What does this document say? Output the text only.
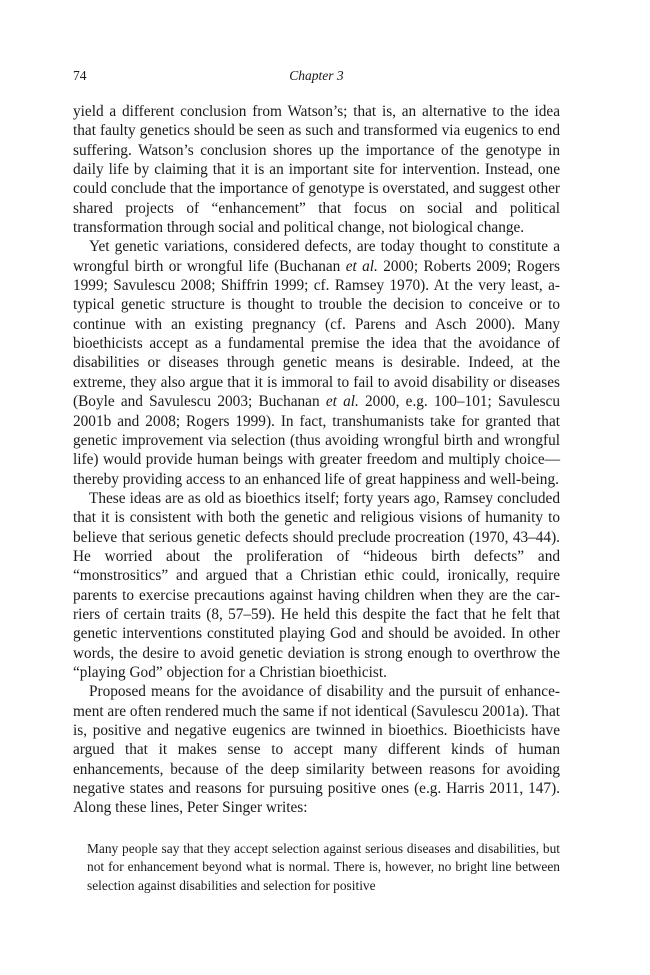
74	Chapter 3

yield a different conclusion from Watson’s; that is, an alternative to the idea that faulty genetics should be seen as such and transformed via eugenics to end suffering. Watson’s conclusion shores up the importance of the genotype in daily life by claiming that it is an important site for intervention. Instead, one could conclude that the importance of genotype is overstated, and suggest other shared projects of “enhancement” that focus on social and political transformation through social and political change, not biological change.

Yet genetic variations, considered defects, are today thought to constitute a wrongful birth or wrongful life (Buchanan et al. 2000; Roberts 2009; Rogers 1999; Savulescu 2008; Shiffrin 1999; cf. Ramsey 1970). At the very least, a-typical genetic structure is thought to trouble the decision to conceive or to continue with an existing pregnancy (cf. Parens and Asch 2000). Many bioethicists accept as a fundamental premise the idea that the avoidance of disabilities or diseases through genetic means is desirable. Indeed, at the extreme, they also argue that it is immoral to fail to avoid disability or diseases (Boyle and Savulescu 2003; Buchanan et al. 2000, e.g. 100–101; Savulescu 2001b and 2008; Rogers 1999). In fact, transhumanists take for granted that genetic improvement via selection (thus avoiding wrongful birth and wrongful life) would provide human beings with greater freedom and multiply choice—thereby providing access to an enhanced life of great happiness and well-being.

These ideas are as old as bioethics itself; forty years ago, Ramsey concluded that it is consistent with both the genetic and religious visions of humanity to believe that serious genetic defects should preclude procreation (1970, 43–44). He worried about the proliferation of “hideous birth defects” and “monstrositics” and argued that a Christian ethic could, ironically, require parents to exercise precautions against having children when they are the carriers of certain traits (8, 57–59). He held this despite the fact that he felt that genetic interventions constituted playing God and should be avoided. In other words, the desire to avoid genetic deviation is strong enough to overthrow the “playing God” objection for a Christian bioethicist.

Proposed means for the avoidance of disability and the pursuit of enhancement are often rendered much the same if not identical (Savulescu 2001a). That is, positive and negative eugenics are twinned in bioethics. Bioethicists have argued that it makes sense to accept many different kinds of human enhancements, because of the deep similarity between reasons for avoiding negative states and reasons for pursuing positive ones (e.g. Harris 2011, 147). Along these lines, Peter Singer writes:

Many people say that they accept selection against serious diseases and disabilities, but not for enhancement beyond what is normal. There is, however, no bright line between selection against disabilities and selection for positive
